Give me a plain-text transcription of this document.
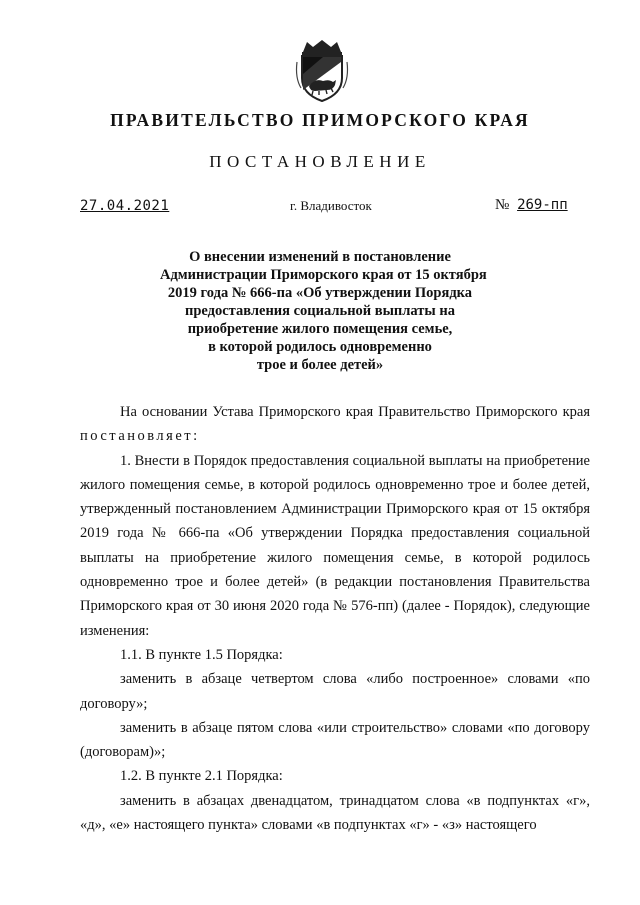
ПРАВИТЕЛЬСТВО ПРИМОРСКОГО КРАЯ
ПОСТАНОВЛЕНИЕ
27.04.2021	г. Владивосток	№ 269-пп
О внесении изменений в постановление
Администрации Приморского края от 15 октября
2019 года № 666-па «Об утверждении Порядка
предоставления социальной выплаты на
приобретение жилого помещения семье,
в которой родилось одновременно
трое и более детей»

На основании Устава Приморского края Правительство Приморского края постановляет:

1. Внести в Порядок предоставления социальной выплаты на приобретение жилого помещения семье, в которой родилось одновременно трое и более детей, утвержденный постановлением Администрации Приморского края от 15 октября 2019 года № 666-па «Об утверждении Порядка предоставления социальной выплаты на приобретение жилого помещения семье, в которой родилось одновременно трое и более детей» (в редакции постановления Правительства Приморского края от 30 июня 2020 года № 576-пп) (далее - Порядок), следующие изменения:

1.1. В пункте 1.5 Порядка:

заменить в абзаце четвертом слова «либо построенное» словами «по договору»;

заменить в абзаце пятом слова «или строительство» словами «по договору (договорам)»;

1.2. В пункте 2.1 Порядка:

заменить в абзацах двенадцатом, тринадцатом слова «в подпунктах «г», «д», «е» настоящего пункта» словами «в подпунктах «г» - «з» настоящего
